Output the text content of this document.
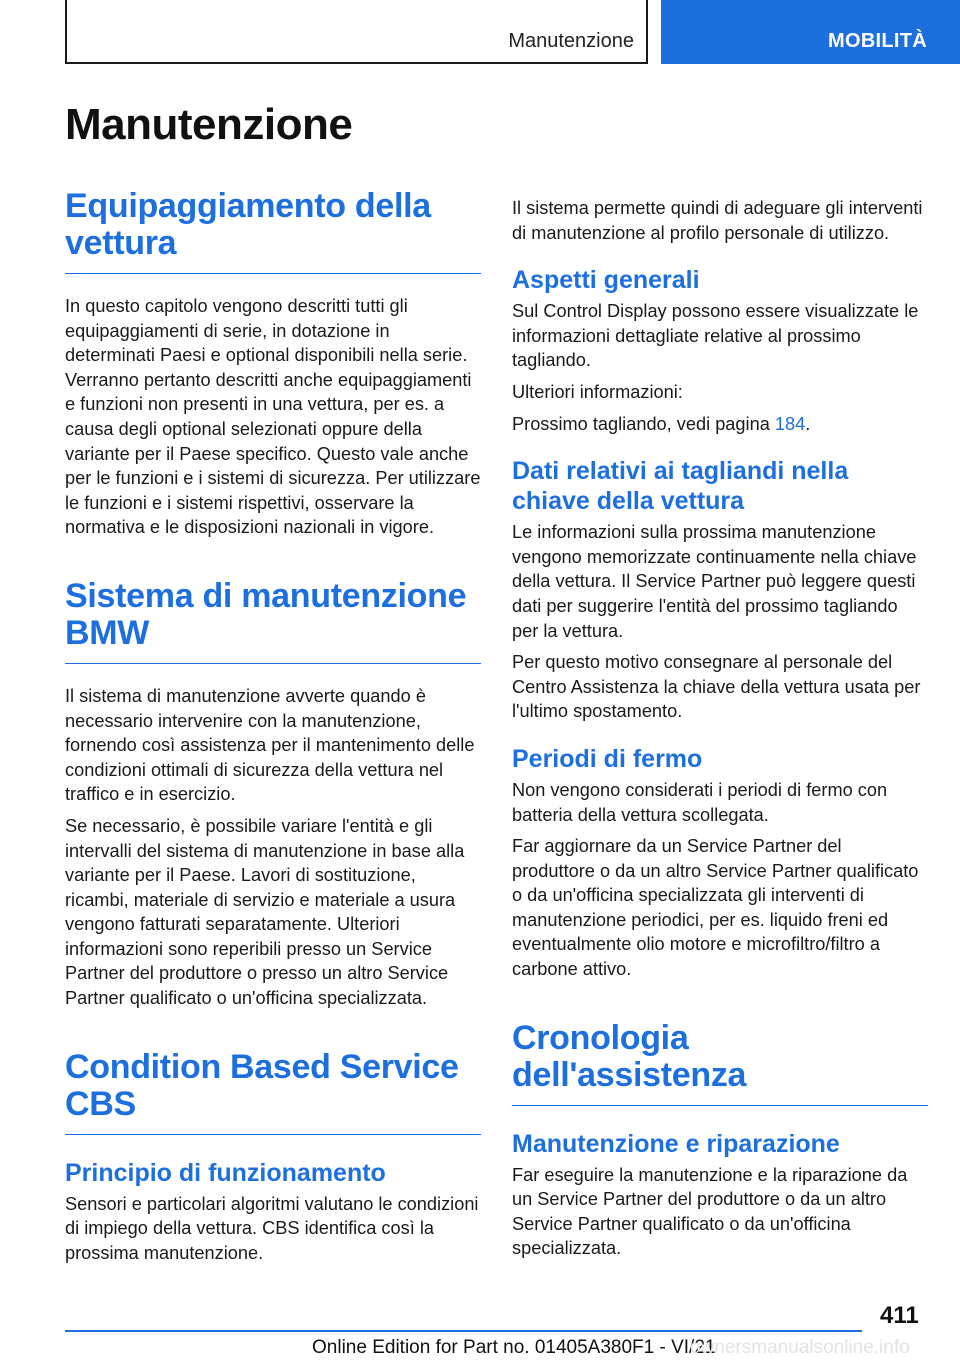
Manutenzione	MOBILITÀ
Manutenzione
Equipaggiamento della vettura

In questo capitolo vengono descritti tutti gli equipaggiamenti di serie, in dotazione in determinati Paesi e optional disponibili nella serie. Verranno pertanto descritti anche equipaggiamenti e funzioni non presenti in una vettura, per es. a causa degli optional selezionati oppure della variante per il Paese specifico. Questo vale anche per le funzioni e i sistemi di sicurezza. Per utilizzare le funzioni e i sistemi rispettivi, osservare la normativa e le disposizioni nazionali in vigore.

Sistema di manutenzione BMW

Il sistema di manutenzione avverte quando è necessario intervenire con la manutenzione, fornendo così assistenza per il mantenimento delle condizioni ottimali di sicurezza della vettura nel traffico e in esercizio.

Se necessario, è possibile variare l'entità e gli intervalli del sistema di manutenzione in base alla variante per il Paese. Lavori di sostituzione, ricambi, materiale di servizio e materiale a usura vengono fatturati separatamente. Ulteriori informazioni sono reperibili presso un Service Partner del produttore o presso un altro Service Partner qualificato o un'officina specializzata.

Condition Based Service CBS
Principio di funzionamento

Sensori e particolari algoritmi valutano le condizioni di impiego della vettura. CBS identifica così la prossima manutenzione.

Il sistema permette quindi di adeguare gli interventi di manutenzione al profilo personale di utilizzo.

Aspetti generali

Sul Control Display possono essere visualizzate le informazioni dettagliate relative al prossimo tagliando.

Ulteriori informazioni:

Prossimo tagliando, vedi pagina 184.

Dati relativi ai tagliandi nella chiave della vettura

Le informazioni sulla prossima manutenzione vengono memorizzate continuamente nella chiave della vettura. Il Service Partner può leggere questi dati per suggerire l'entità del prossimo tagliando per la vettura.

Per questo motivo consegnare al personale del Centro Assistenza la chiave della vettura usata per l'ultimo spostamento.

Periodi di fermo

Non vengono considerati i periodi di fermo con batteria della vettura scollegata.

Far aggiornare da un Service Partner del produttore o da un altro Service Partner qualificato o da un'officina specializzata gli interventi di manutenzione periodici, per es. liquido freni ed eventualmente olio motore e microfiltro/filtro a carbone attivo.

Cronologia dell'assistenza
Manutenzione e riparazione

Far eseguire la manutenzione e la riparazione da un Service Partner del produttore o da un altro Service Partner qualificato o da un'officina specializzata.

411
Online Edition for Part no. 01405A380F1 - VI/21
ownersmanualsonline.info
